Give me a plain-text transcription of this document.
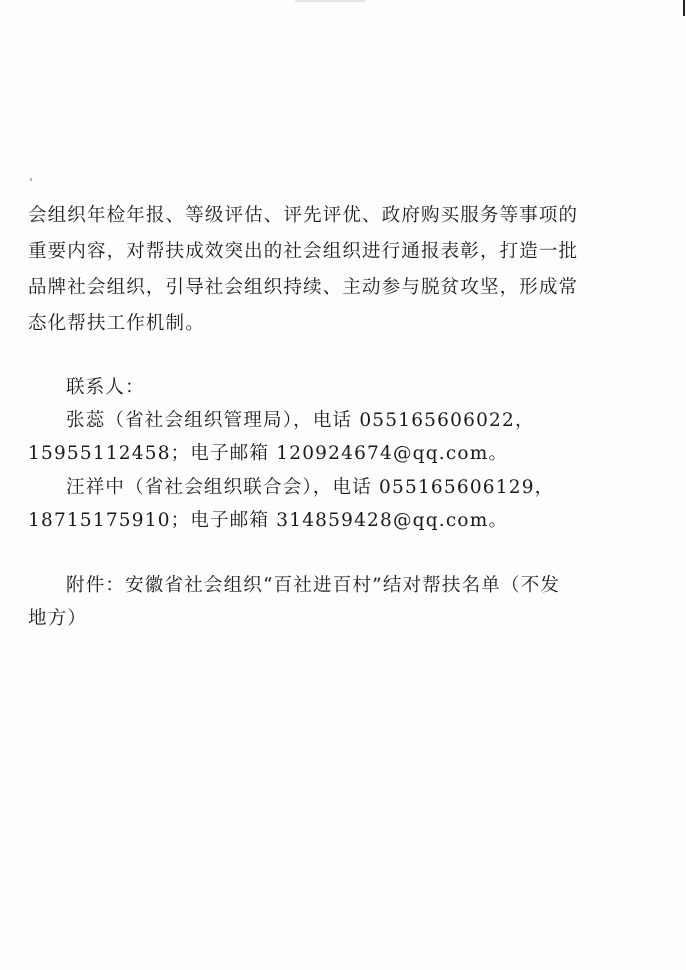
会组织年检年报、等级评估、评先评优、政府购买服务等事项的
重要内容，对帮扶成效突出的社会组织进行通报表彰，打造一批
品牌社会组织，引导社会组织持续、主动参与脱贫攻坚，形成常
态化帮扶工作机制。
联系人：
张蕊（省社会组织管理局），电话 055165606022，
15955112458；电子邮箱 120924674@qq.com。
汪祥中（省社会组织联合会），电话 055165606129，
18715175910；电子邮箱 314859428@qq.com。
附件：安徽省社会组织“百社进百村”结对帮扶名单（不发
地方）
